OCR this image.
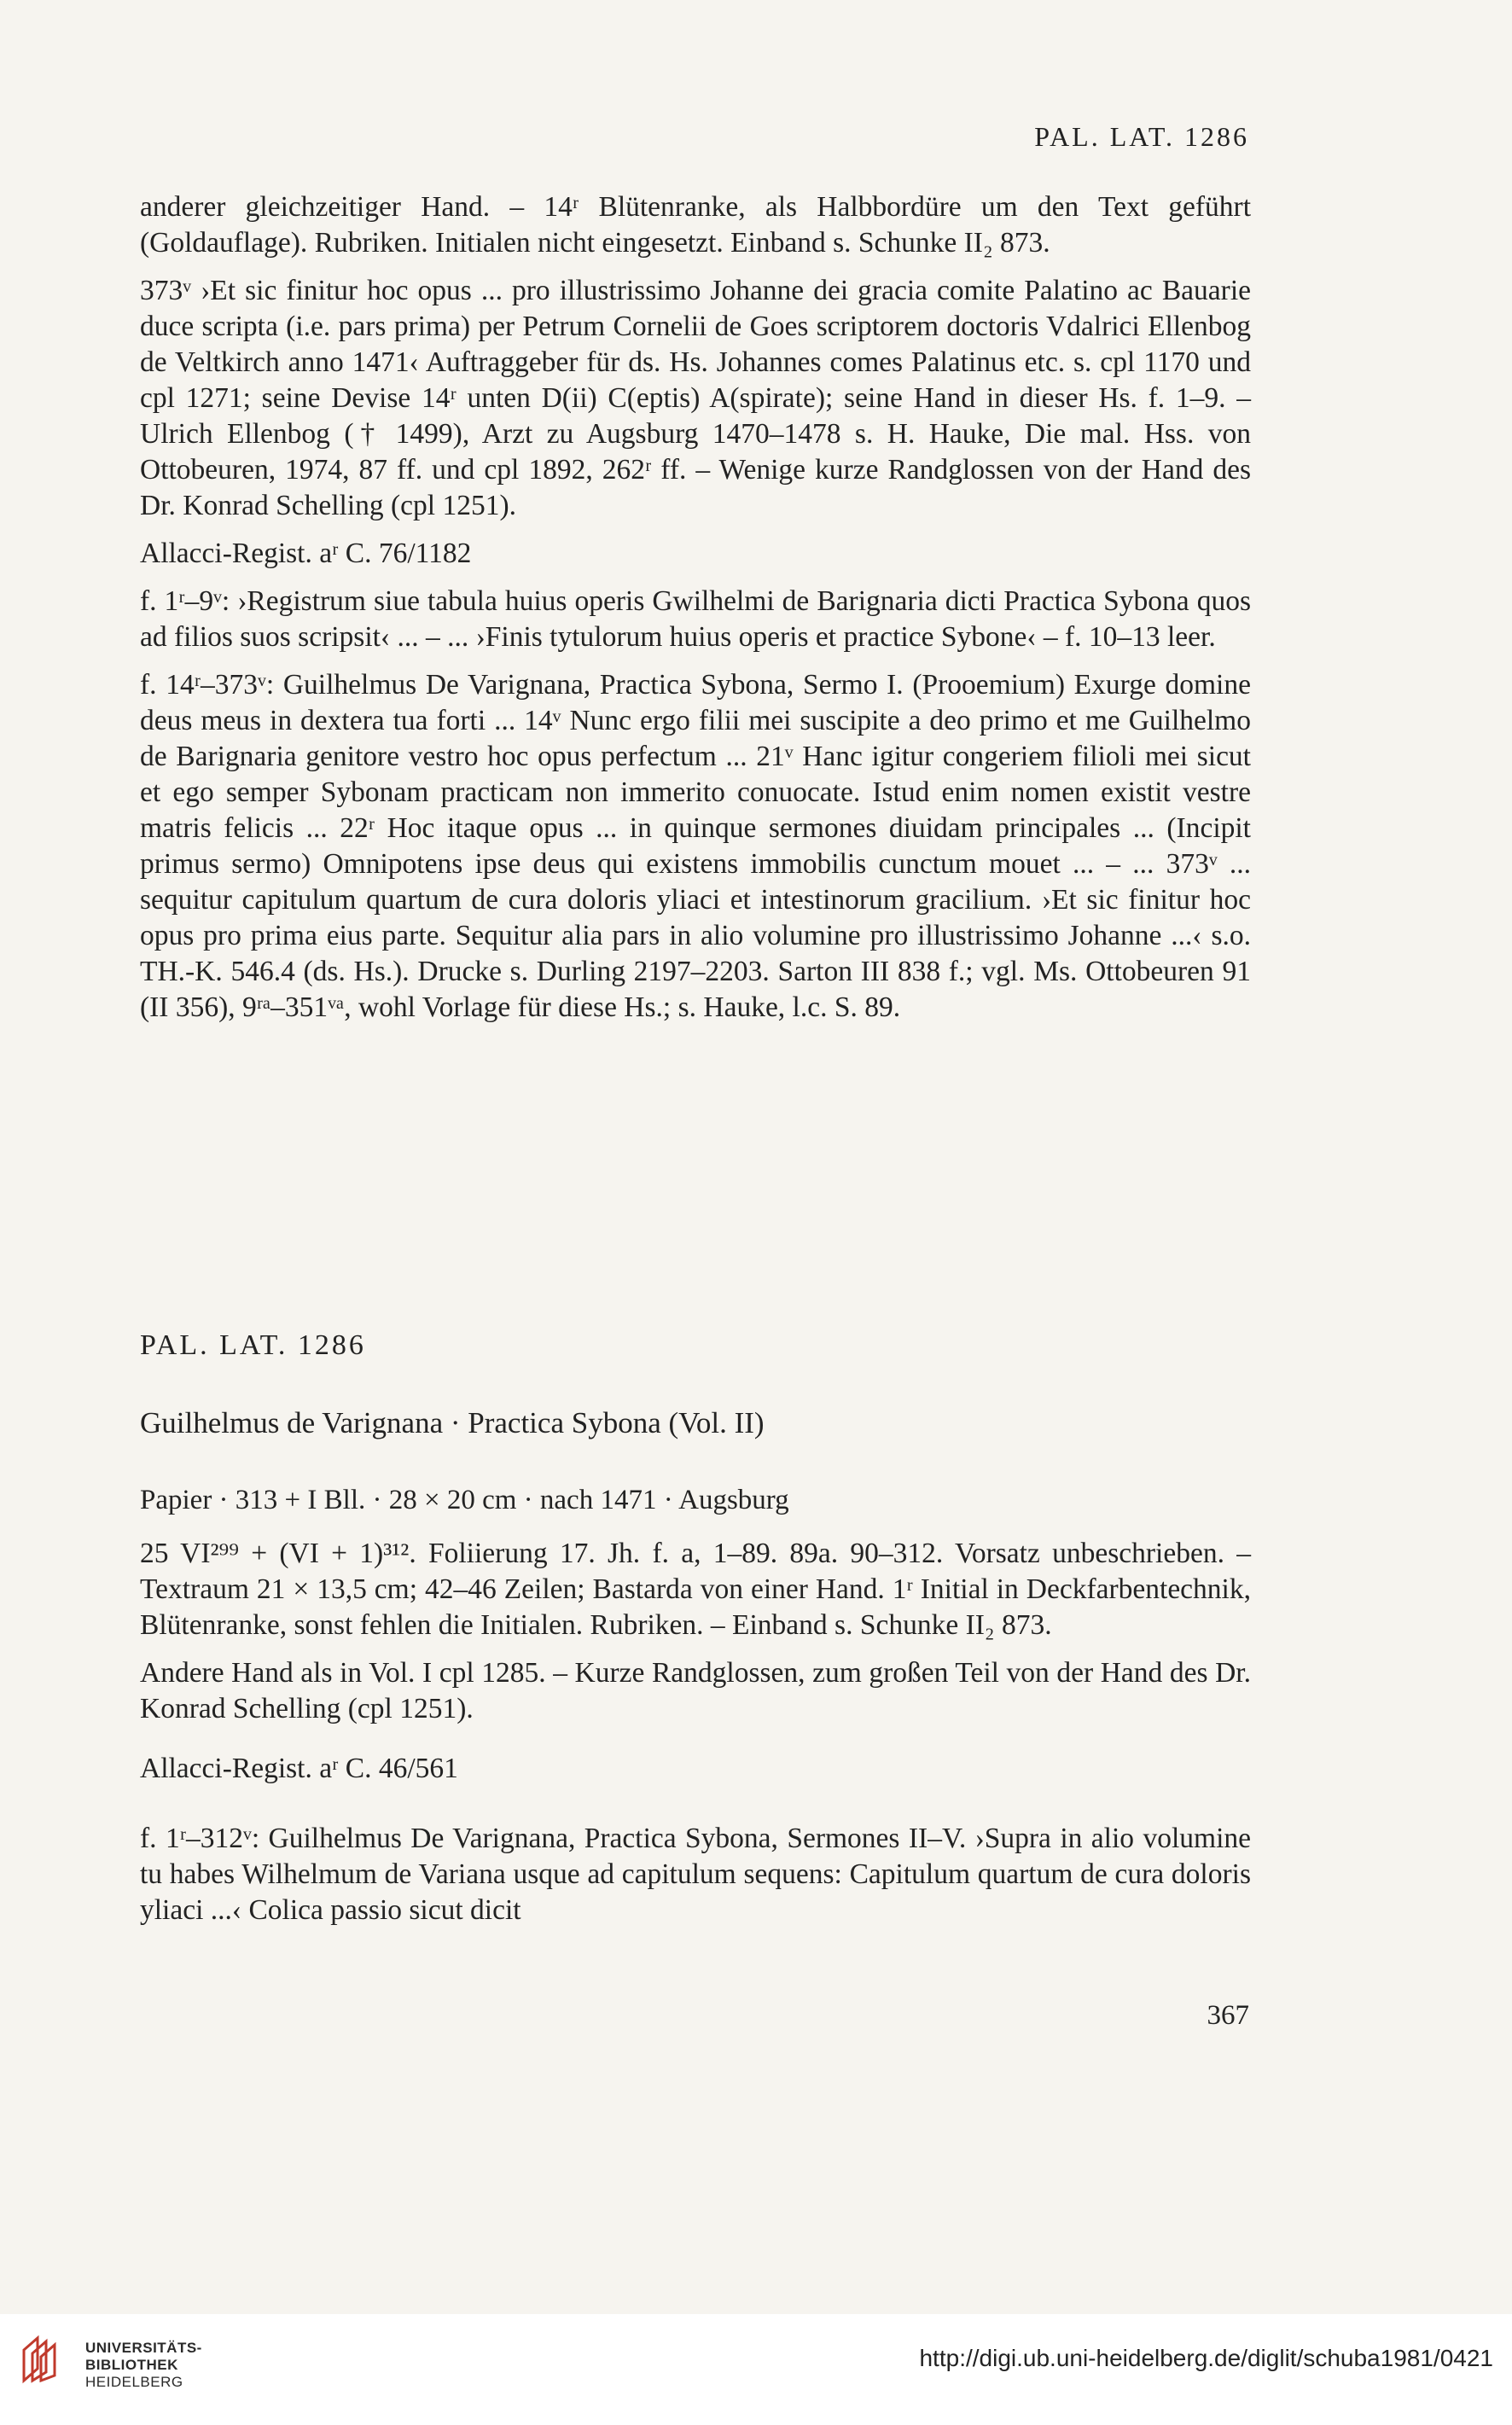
PAL. LAT. 1286

anderer gleichzeitiger Hand. – 14ʳ Blütenranke, als Halbbordüre um den Text geführt (Goldauflage). Rubriken. Initialen nicht eingesetzt. Einband s. Schunke II₂ 873.

373ᵛ ›Et sic finitur hoc opus ... pro illustrissimo Johanne dei gracia comite Palatino ac Bauarie duce scripta (i.e. pars prima) per Petrum Cornelii de Goes scriptorem doctoris Vdalrici Ellenbog de Veltkirch anno 1471‹ Auftraggeber für ds. Hs. Johannes comes Palatinus etc. s. cpl 1170 und cpl 1271; seine Devise 14ʳ unten D(ii) C(eptis) A(spirate); seine Hand in dieser Hs. f. 1–9. – Ulrich Ellenbog († 1499), Arzt zu Augsburg 1470–1478 s. H. Hauke, Die mal. Hss. von Ottobeuren, 1974, 87 ff. und cpl 1892, 262ʳ ff. – Wenige kurze Randglossen von der Hand des Dr. Konrad Schelling (cpl 1251).

Allacci-Regist. aʳ C. 76/1182

f. 1ʳ–9ᵛ: ›Registrum siue tabula huius operis Gwilhelmi de Barignaria dicti Practica Sybona quos ad filios suos scripsit‹ ... – ... ›Finis tytulorum huius operis et practice Sybone‹ – f. 10–13 leer.

f. 14ʳ–373ᵛ: Guilhelmus De Varignana, Practica Sybona, Sermo I. (Prooemium) Exurge domine deus meus in dextera tua forti ... 14ᵛ Nunc ergo filii mei suscipite a deo primo et me Guilhelmo de Barignaria genitore vestro hoc opus perfectum ... 21ᵛ Hanc igitur congeriem filioli mei sicut et ego semper Sybonam practicam non immerito conuocate. Istud enim nomen existit vestre matris felicis ... 22ʳ Hoc itaque opus ... in quinque sermones diuidam principales ... (Incipit primus sermo) Omnipotens ipse deus qui existens immobilis cunctum mouet ... – ... 373ᵛ ... sequitur capitulum quartum de cura doloris yliaci et intestinorum gracilium. ›Et sic finitur hoc opus pro prima eius parte. Sequitur alia pars in alio volumine pro illustrissimo Johanne ...‹ s.o. TH.-K. 546.4 (ds. Hs.). Drucke s. Durling 2197–2203. Sarton III 838 f.; vgl. Ms. Ottobeuren 91 (II 356), 9ʳᵃ–351ᵛᵃ, wohl Vorlage für diese Hs.; s. Hauke, l.c. S. 89.

PAL. LAT. 1286
Guilhelmus de Varignana · Practica Sybona (Vol. II)
Papier · 313 + I Bll. · 28 × 20 cm · nach 1471 · Augsburg

25 VI²⁹⁹ + (VI + 1)³¹². Foliierung 17. Jh. f. a, 1–89. 89a. 90–312. Vorsatz unbeschrieben. – Textraum 21 × 13,5 cm; 42–46 Zeilen; Bastarda von einer Hand. 1ʳ Initial in Deckfarbentechnik, Blütenranke, sonst fehlen die Initialen. Rubriken. – Einband s. Schunke II₂ 873.

Andere Hand als in Vol. I cpl 1285. – Kurze Randglossen, zum großen Teil von der Hand des Dr. Konrad Schelling (cpl 1251).

Allacci-Regist. aʳ C. 46/561

f. 1ʳ–312ᵛ: Guilhelmus De Varignana, Practica Sybona, Sermones II–V. ›Supra in alio volumine tu habes Wilhelmum de Variana usque ad capitulum sequens: Capitulum quartum de cura doloris yliaci ...‹ Colica passio sicut dicit

367
UNIVERSITÄTS-
BIBLIOTHEK
HEIDELBERG
http://digi.ub.uni-heidelberg.de/diglit/schuba1981/0421
